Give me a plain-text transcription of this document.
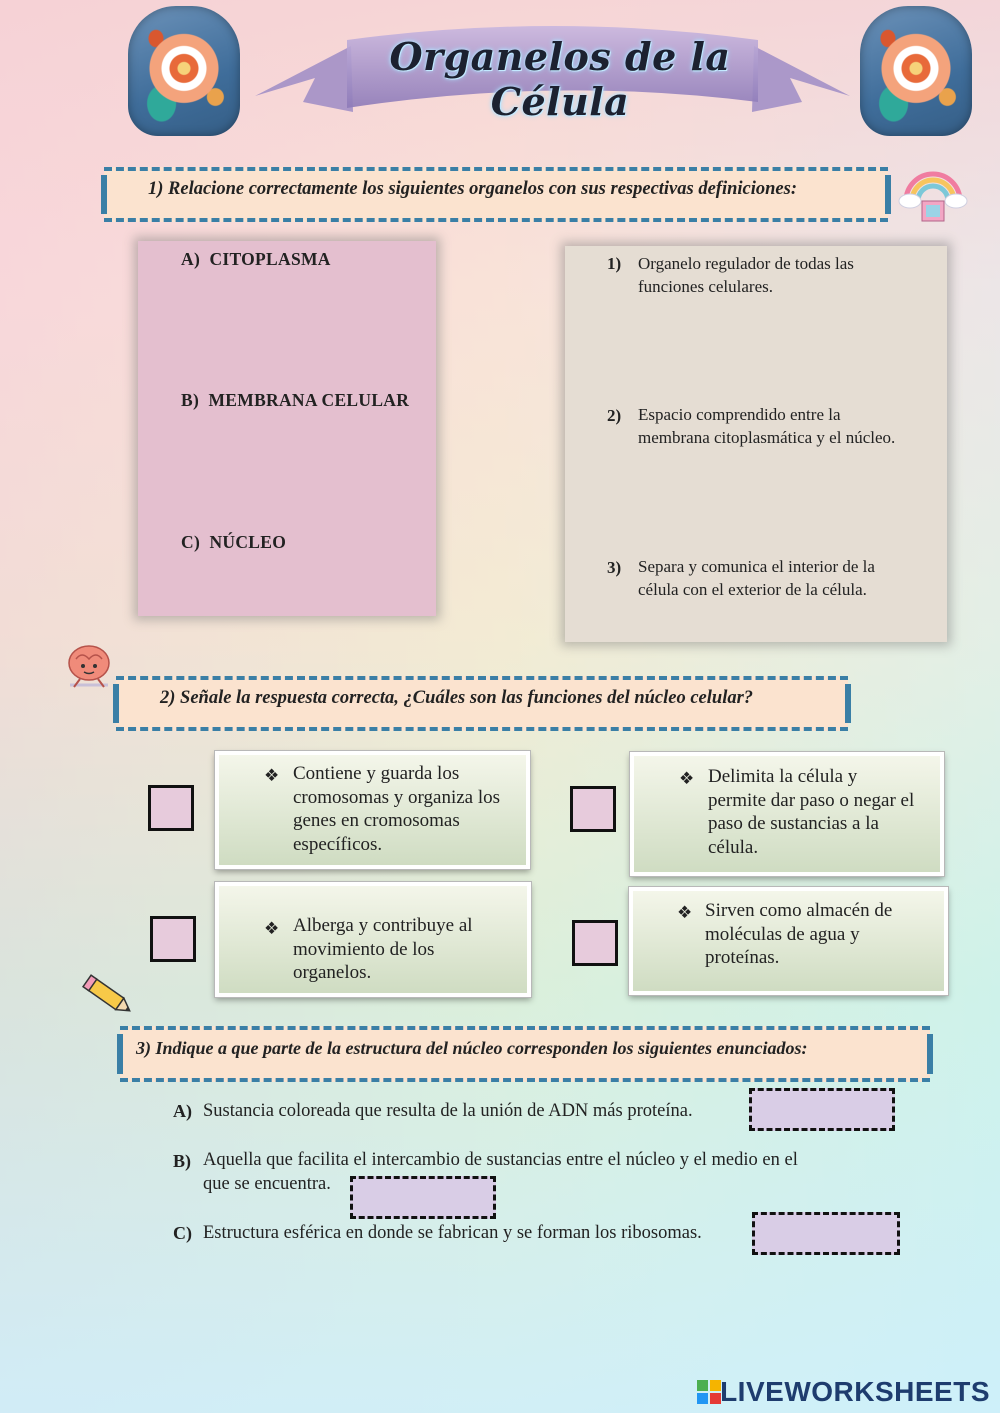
Organelos de la Célula
1) Relacione correctamente los siguientes organelos con sus respectivas definiciones:
A) CITOPLASMA
B) MEMBRANA CELULAR
C) NÚCLEO
1) Organelo regulador de todas las
funciones celulares.
2) Espacio comprendido entre la
membrana citoplasmática y el núcleo.
3) Separa y comunica el interior de la
célula con el exterior de la célula.
2) Señale la respuesta correcta, ¿Cuáles son las funciones del núcleo celular?
❖ Contiene y guarda los
cromosomas y organiza los
genes en cromosomas
específicos.
❖ Delimita la célula y
permite dar paso o negar el
paso de sustancias a la
célula.
❖ Alberga y contribuye al
movimiento de los
organelos.
❖ Sirven como almacén de
moléculas de agua y
proteínas.
3) Indique a que parte de la estructura del núcleo corresponden los siguientes enunciados:
A) Sustancia coloreada que resulta de la unión de ADN más proteína.
B) Aquella que facilita el intercambio de sustancias entre el núcleo y el medio en el
que se encuentra.
C) Estructura esférica en donde se fabrican y se forman los ribosomas.
LIVEWORKSHEETS
